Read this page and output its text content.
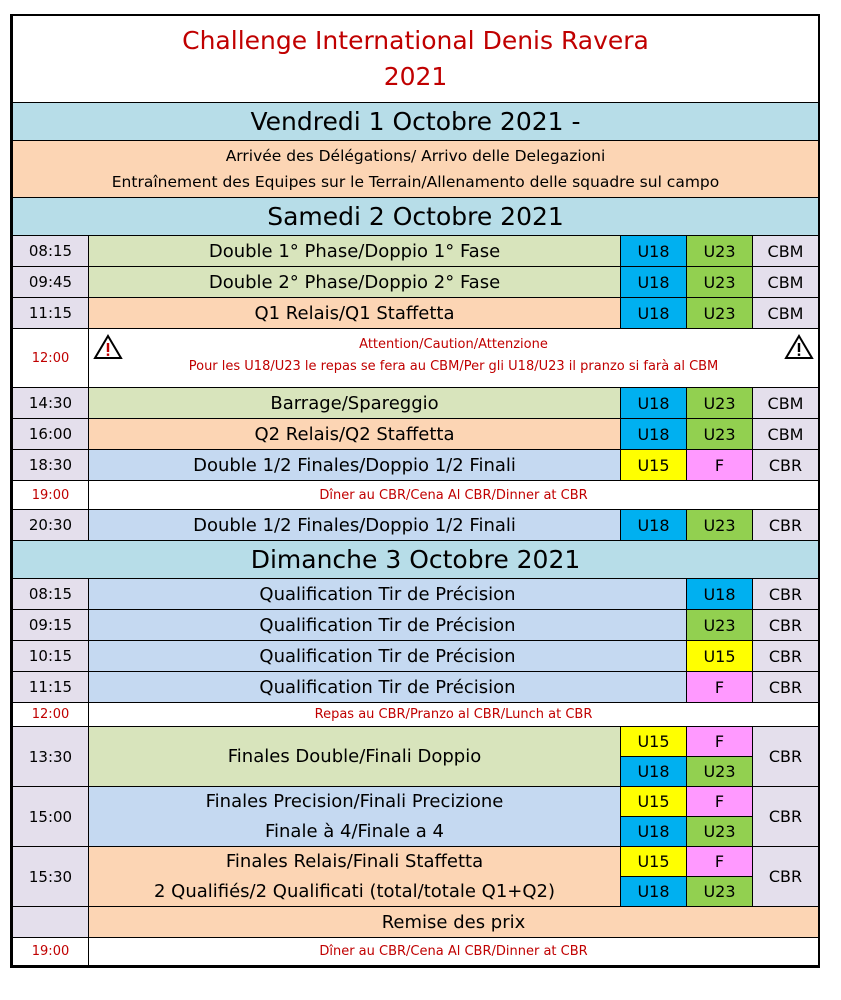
Challenge International Denis Ravera
2021				

Vendredi 1 Octobre 2021 -				

Arrivée des Délégations/ Arrivo delle Delegazioni
Entraînement des Equipes sur le Terrain/Allenamento delle squadre sul campo				

Samedi 2 Octobre 2021				
08:15	Double 1° Phase/Doppio 1° Fase	U18	U23	CBM
09:45	Double 2° Phase/Doppio 2° Fase	U18	U23	CBM
11:15	Q1 Relais/Q1 Staffetta	U18	U23	CBM
12:00	Attention/Caution/Attenzione
Pour les U18/U23 le repas se fera au CBM/Per gli U18/U23 il pranzo si farà al CBM			

14:30	Barrage/Spareggio	U18	U23	CBM
16:00	Q2 Relais/Q2 Staffetta	U18	U23	CBM
18:30	Double 1/2 Finales/Doppio 1/2 Finali	U15	F	CBR
19:00	Dîner au CBR/Cena Al CBR/Dinner at CBR			
20:30	Double 1/2 Finales/Doppio 1/2 Finali	U18	U23	CBR
Dimanche 3 Octobre 2021				
08:15	Qualification Tir de Précision		U18	CBR
09:15	Qualification Tir de Précision		U23	CBR
10:15	Qualification Tir de Précision		U15	CBR
11:15	Qualification Tir de Précision		F	CBR
12:00	Repas au CBR/Pranzo al CBR/Lunch at CBR			
13:30	Finales Double/Finali Doppio	U15	F	CBR
		U18	U23	
15:00	Finales Precision/Finali Precizione	U15	F	CBR
	Finale à 4/Finale a 4	U18	U23	
15:30	Finales Relais/Finali Staffetta	U15	F	CBR
	2 Qualifiés/2 Qualificati (total/totale Q1+Q2)	U18	U23	
	Remise des prix			
19:00	Dîner au CBR/Cena Al CBR/Dinner at CBR			
